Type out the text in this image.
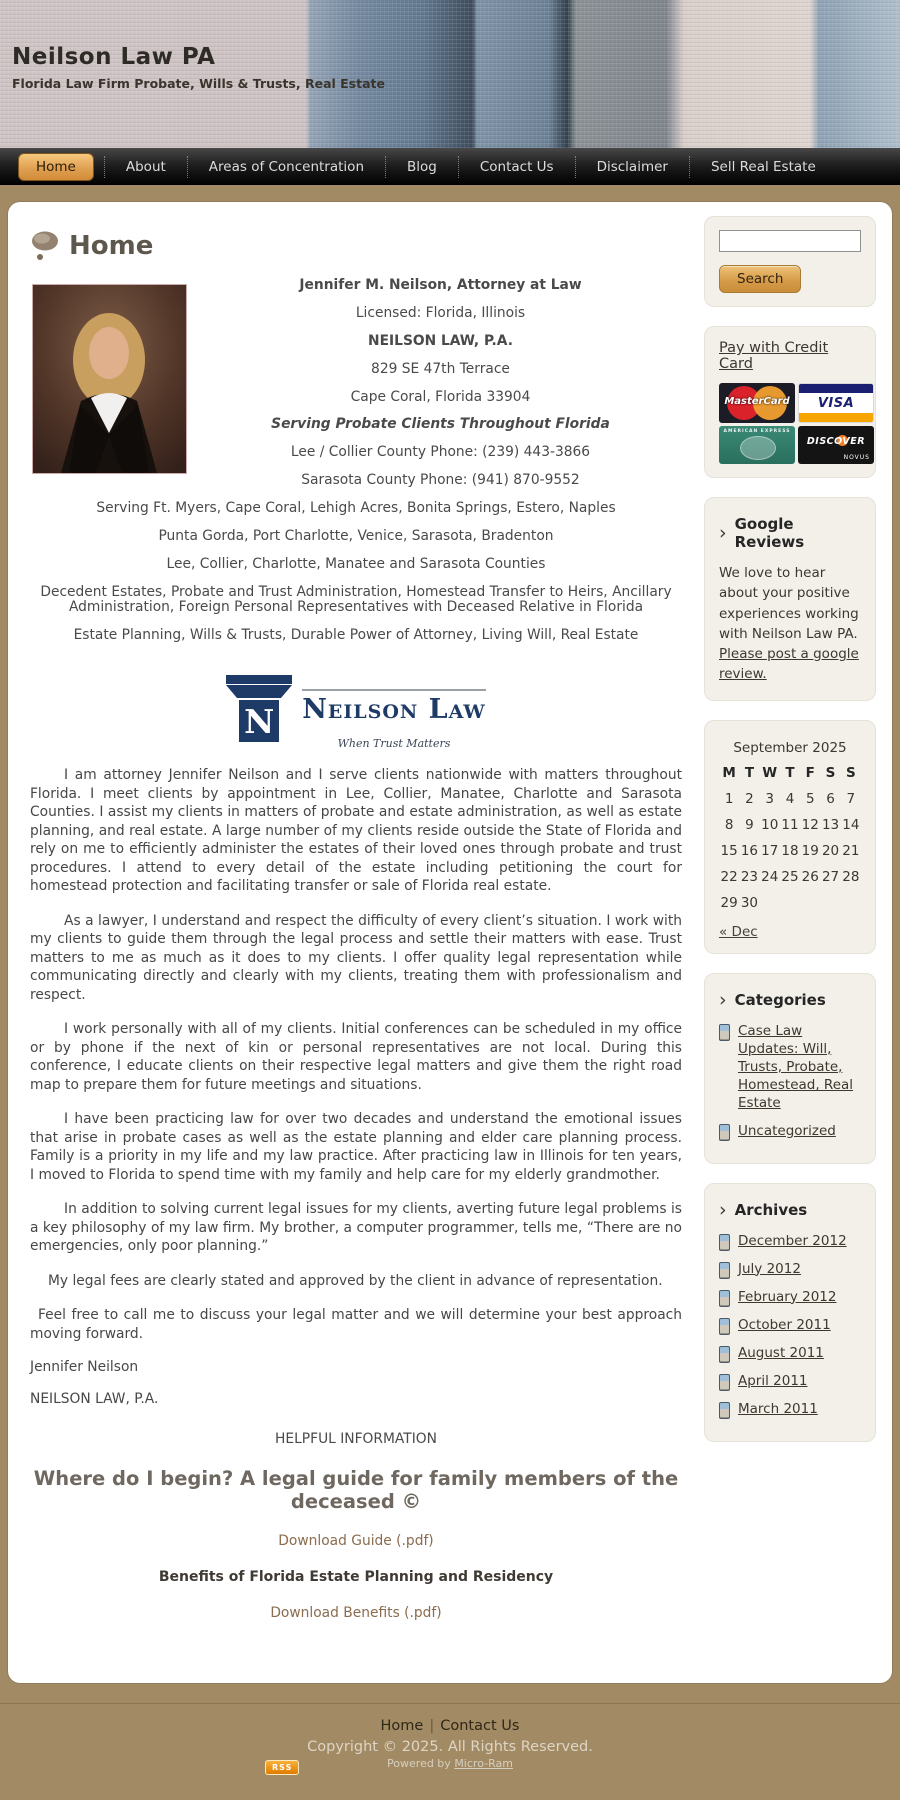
Neilson Law PA
Florida Law Firm Probate, Wills & Trusts, Real Estate
Home	About	Areas of Concentration	Blog	Contact Us	Disclaimer	Sell Real Estate
Home

Jennifer M. Neilson, Attorney at Law

Licensed: Florida, Illinois

NEILSON LAW, P.A.

829 SE 47th Terrace

Cape Coral, Florida 33904

Serving Probate Clients Throughout Florida

Lee / Collier County Phone: (239) 443-3866

Sarasota County Phone: (941) 870-9552

Serving Ft. Myers, Cape Coral, Lehigh Acres, Bonita Springs, Estero, Naples

Punta Gorda, Port Charlotte, Venice, Sarasota, Bradenton

Lee, Collier, Charlotte, Manatee and Sarasota Counties

Decedent Estates, Probate and Trust Administration, Homestead Transfer to Heirs, Ancillary Administration, Foreign Personal Representatives with Deceased Relative in Florida

Estate Planning, Wills & Trusts, Durable Power of Attorney, Living Will, Real Estate

N Neilson Law
When Trust Matters

I am attorney Jennifer Neilson and I serve clients nationwide with matters throughout Florida. I meet clients by appointment in Lee, Collier, Manatee, Charlotte and Sarasota Counties. I assist my clients in matters of probate and estate administration, as well as estate planning, and real estate. A large number of my clients reside outside the State of Florida and rely on me to efficiently administer the estates of their loved ones through probate and trust procedures. I attend to every detail of the estate including petitioning the court for homestead protection and facilitating transfer or sale of Florida real estate.

As a lawyer, I understand and respect the difficulty of every client’s situation. I work with my clients to guide them through the legal process and settle their matters with ease. Trust matters to me as much as it does to my clients. I offer quality legal representation while communicating directly and clearly with my clients, treating them with professionalism and respect.

I work personally with all of my clients. Initial conferences can be scheduled in my office or by phone if the next of kin or personal representatives are not local. During this conference, I educate clients on their respective legal matters and give them the right road map to prepare them for future meetings and situations.

I have been practicing law for over two decades and understand the emotional issues that arise in probate cases as well as the estate planning and elder care planning process. Family is a priority in my life and my law practice. After practicing law in Illinois for ten years, I moved to Florida to spend time with my family and help care for my elderly grandmother.

In addition to solving current legal issues for my clients, averting future legal problems is a key philosophy of my law firm. My brother, a computer programmer, tells me, “There are no emergencies, only poor planning.”

My legal fees are clearly stated and approved by the client in advance of representation.

Feel free to call me to discuss your legal matter and we will determine your best approach moving forward.

Jennifer Neilson

NEILSON LAW, P.A.

HELPFUL INFORMATION

Where do I begin? A legal guide for family members of the deceased ©
Download Guide (.pdf)

Benefits of Florida Estate Planning and Residency

Download Benefits (.pdf)
Search
Pay with Credit Card
MasterCard	VISA
AMERICAN EXPRESS
DISCOVER
NOVUS
› Google Reviews

We love to hear about your positive experiences working with Neilson Law PA. Please post a google review.

September 2025
M	T	W	T	F	S	S
1	2	3	4	5	6	7
8	9	10	11	12	13	14
15	16	17	18	19	20	21
22	23	24	25	26	27	28
29	30					
« Dec
› Categories
Case Law Updates: Will, Trusts, Probate, Homestead, Real Estate
Uncategorized
› Archives
December 2012
July 2012
February 2012
October 2011
August 2011
April 2011
March 2011
Home | Contact Us
Copyright © 2025. All Rights Reserved.
Powered by Micro-Ram
RSS
